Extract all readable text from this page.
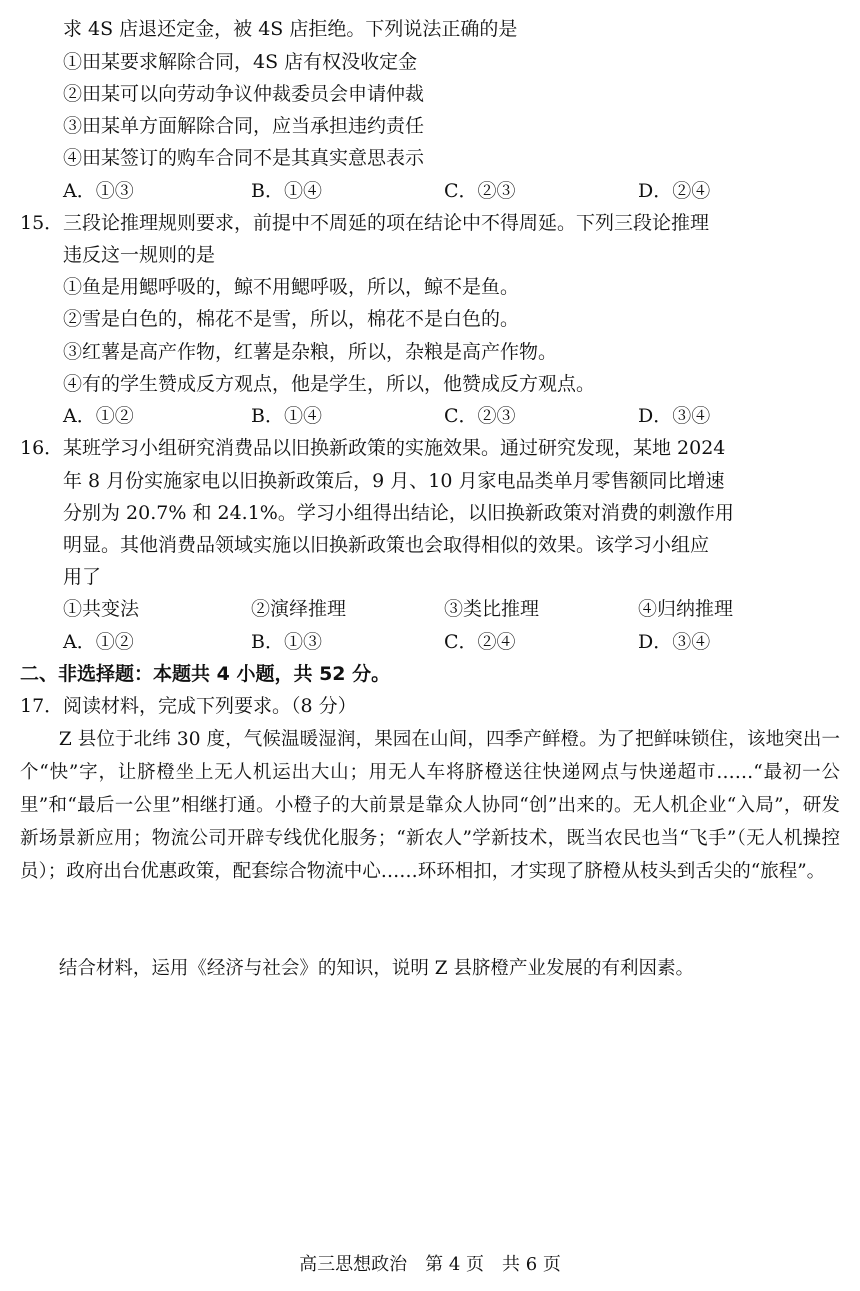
求 4S 店退还定金，被 4S 店拒绝。下列说法正确的是
①田某要求解除合同，4S 店有权没收定金
②田某可以向劳动争议仲裁委员会申请仲裁
③田某单方面解除合同，应当承担违约责任
④田某签订的购车合同不是其真实意思表示
A．①③	B．①④	C．②③	D．②④
15． 三段论推理规则要求，前提中不周延的项在结论中不得周延。下列三段论推理
违反这一规则的是
①鱼是用鳃呼吸的，鲸不用鳃呼吸，所以，鲸不是鱼。
②雪是白色的，棉花不是雪，所以，棉花不是白色的。
③红薯是高产作物，红薯是杂粮，所以，杂粮是高产作物。
④有的学生赞成反方观点，他是学生，所以，他赞成反方观点。
A．①②	B．①④	C．②③	D．③④
16． 某班学习小组研究消费品以旧换新政策的实施效果。通过研究发现，某地 2024
年 8 月份实施家电以旧换新政策后，9 月、10 月家电品类单月零售额同比增速
分别为 20.7% 和 24.1%。学习小组得出结论，以旧换新政策对消费的刺激作用
明显。其他消费品领域实施以旧换新政策也会取得相似的效果。该学习小组应
用了
①共变法	②演绎推理	③类比推理	④归纳推理
A．①②	B．①③	C．②④	D．③④
二、非选择题：本题共 4 小题，共 52 分。
17． 阅读材料，完成下列要求。（8 分）
Z 县位于北纬 30 度，气候温暖湿润，果园在山间，四季产鲜橙。为了把鲜味锁住，该地突出一个“快”字，让脐橙坐上无人机运出大山；用无人车将脐橙送往快递网点与快递超市……“最初一公里”和“最后一公里”相继打通。小橙子的大前景是靠众人协同“创”出来的。无人机企业“入局”，研发新场景新应用；物流公司开辟专线优化服务；“新农人”学新技术，既当农民也当“飞手”（无人机操控员）；政府出台优惠政策，配套综合物流中心……环环相扣，才实现了脐橙从枝头到舌尖的“旅程”。
结合材料，运用《经济与社会》的知识，说明 Z 县脐橙产业发展的有利因素。
高三思想政治　第 4 页　共 6 页
